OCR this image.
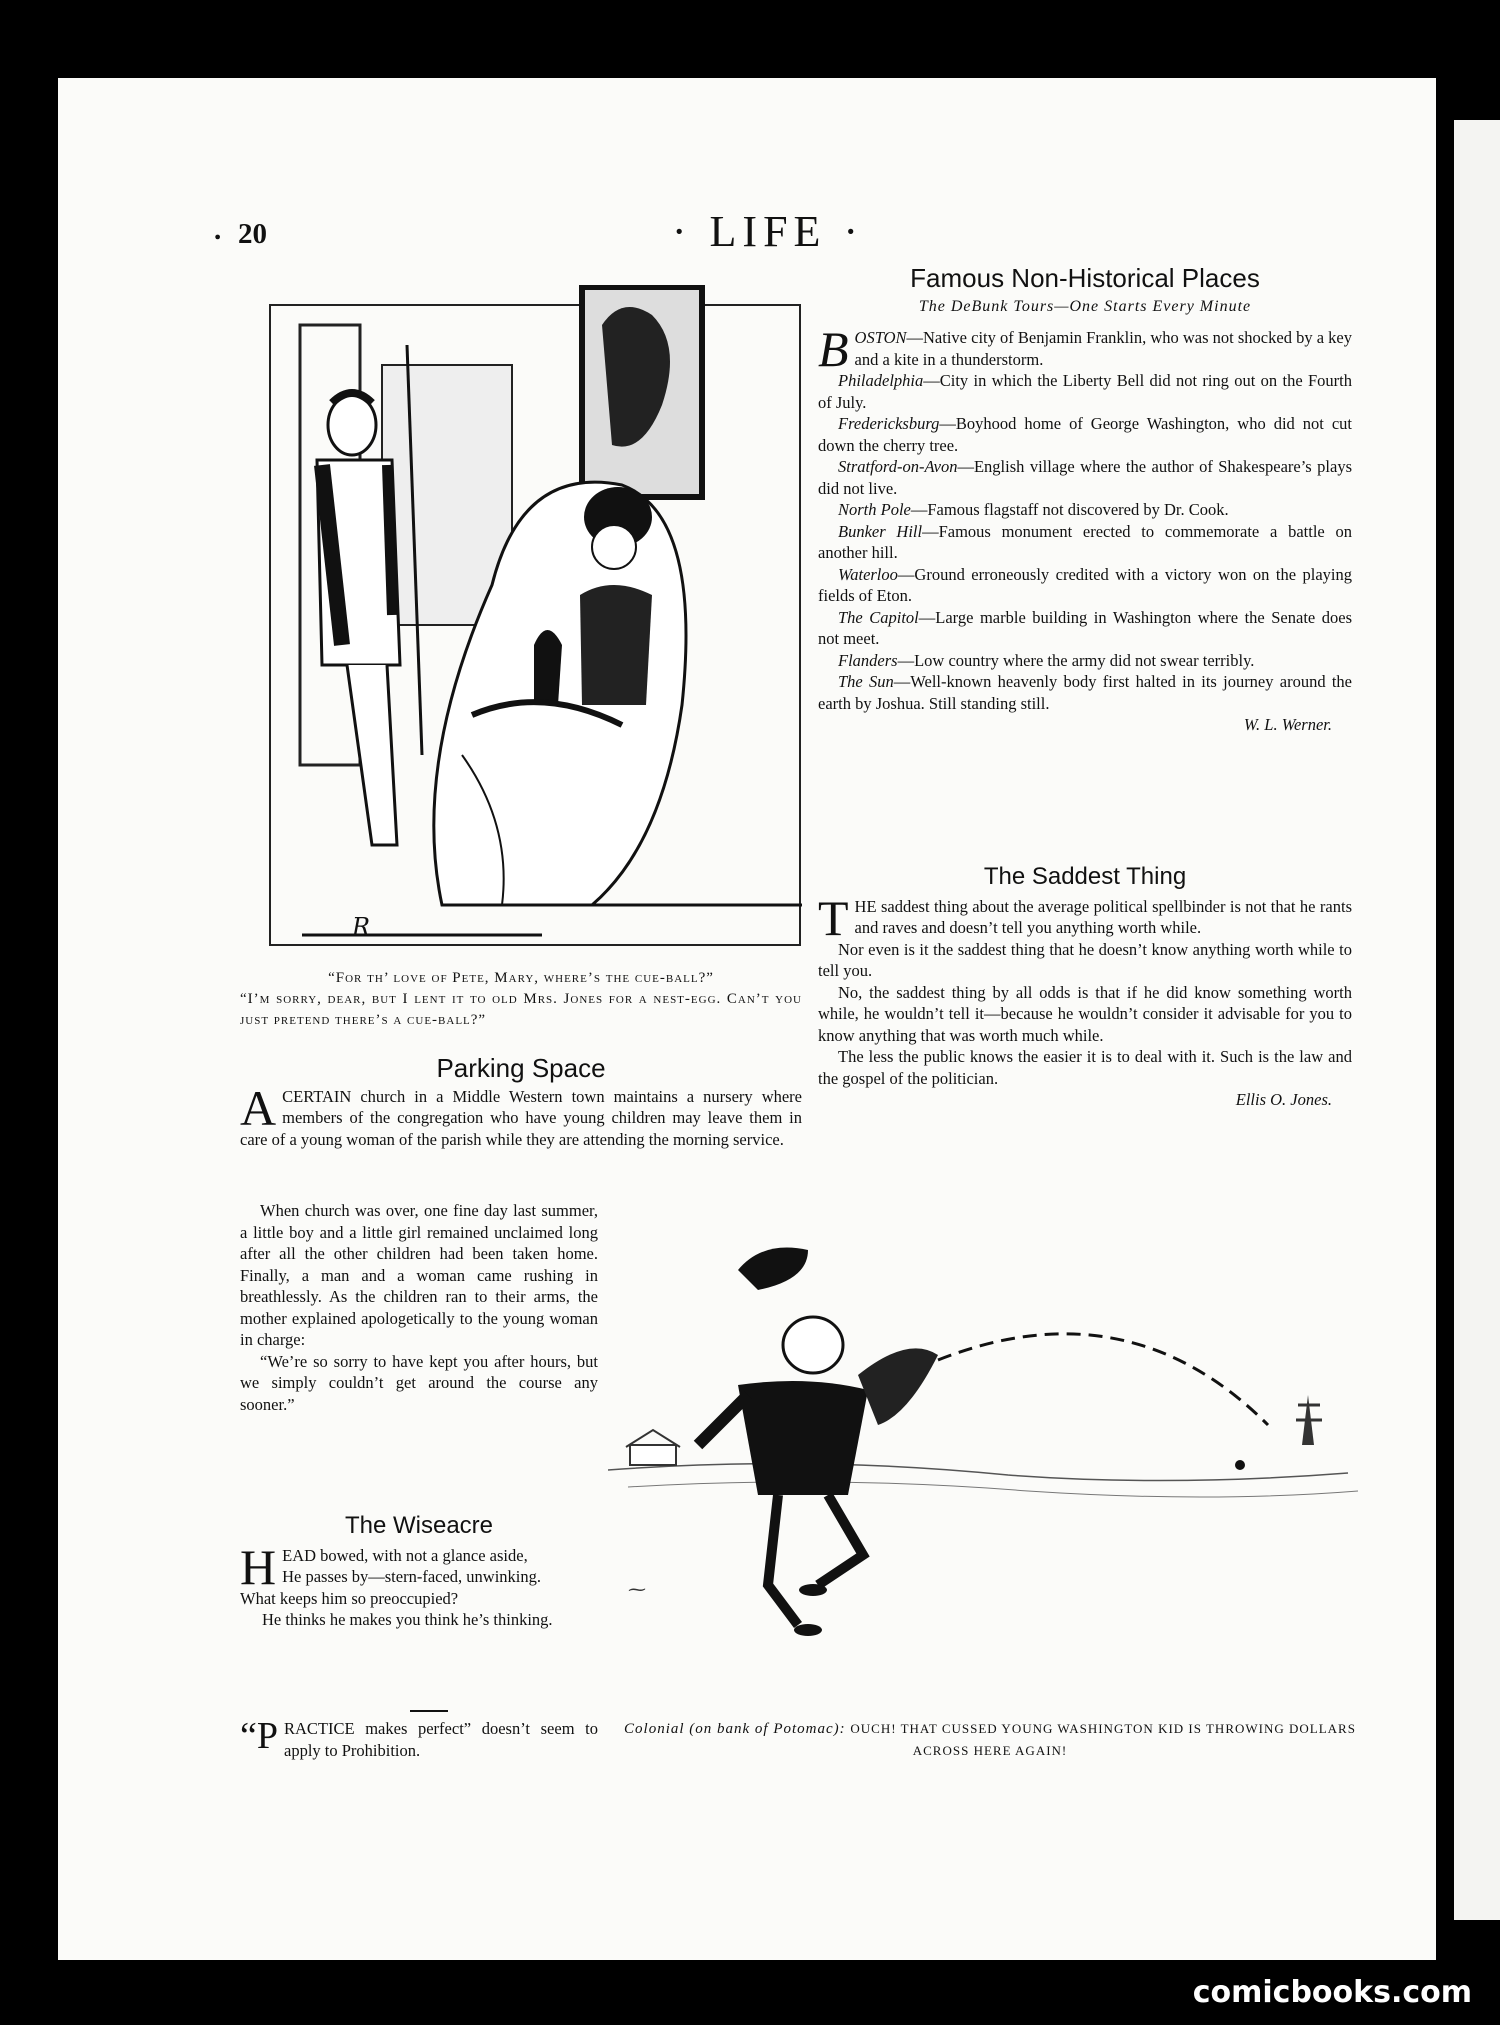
comicbooks.com
. 20	· LIFE ·
R
“For th’ love of Pete, Mary, where’s the cue-ball?”
“I’m sorry, dear, but I lent it to old Mrs. Jones for a nest-egg. Can’t you just pretend there’s a cue-ball?”
Parking Space

ACERTAIN church in a Middle Western town maintains a nursery where members of the congregation who have young children may leave them in care of a young woman of the parish while they are attending the morning service.

When church was over, one fine day last summer, a little boy and a little girl remained unclaimed long after all the other children had been taken home. Finally, a man and a woman came rushing in breathlessly. As the children ran to their arms, the mother explained apologetically to the young woman in charge:

“We’re so sorry to have kept you after hours, but we simply couldn’t get around the course any sooner.”

The Wiseacre
H EAD bowed, with not a glance aside,
He passes by—stern-faced, unwinking.
What keeps him so preoccupied?
He thinks he makes you think he’s thinking.

“PRACTICE makes perfect” doesn’t seem to apply to Prohibition.

Famous Non-Historical Places
The DeBunk Tours—One Starts Every Minute

BOSTON—Native city of Benjamin Franklin, who was not shocked by a key and a kite in a thunderstorm.

Philadelphia—City in which the Liberty Bell did not ring out on the Fourth of July.

Fredericksburg—Boyhood home of George Washington, who did not cut down the cherry tree.

Stratford-on-Avon—English village where the author of Shakespeare’s plays did not live.

North Pole—Famous flagstaff not discovered by Dr. Cook.

Bunker Hill—Famous monument erected to commemorate a battle on another hill.

Waterloo—Ground erroneously credited with a victory won on the playing fields of Eton.

The Capitol—Large marble building in Washington where the Senate does not meet.

Flanders—Low country where the army did not swear terribly.

The Sun—Well-known heavenly body first halted in its journey around the earth by Joshua. Still standing still.

W. L. Werner.
The Saddest Thing

THE saddest thing about the average political spellbinder is not that he rants and raves and doesn’t tell you anything worth while.

Nor even is it the saddest thing that he doesn’t know anything worth while to tell you.

No, the saddest thing by all odds is that if he did know something worth while, he wouldn’t tell it—because he wouldn’t consider it advisable for you to know anything that was worth much while.

The less the public knows the easier it is to deal with it. Such is the law and the gospel of the politician.

Ellis O. Jones.
⁓
Colonial (on bank of Potomac): OUCH! THAT CUSSED YOUNG WASHINGTON KID IS THROWING DOLLARS ACROSS HERE AGAIN!
